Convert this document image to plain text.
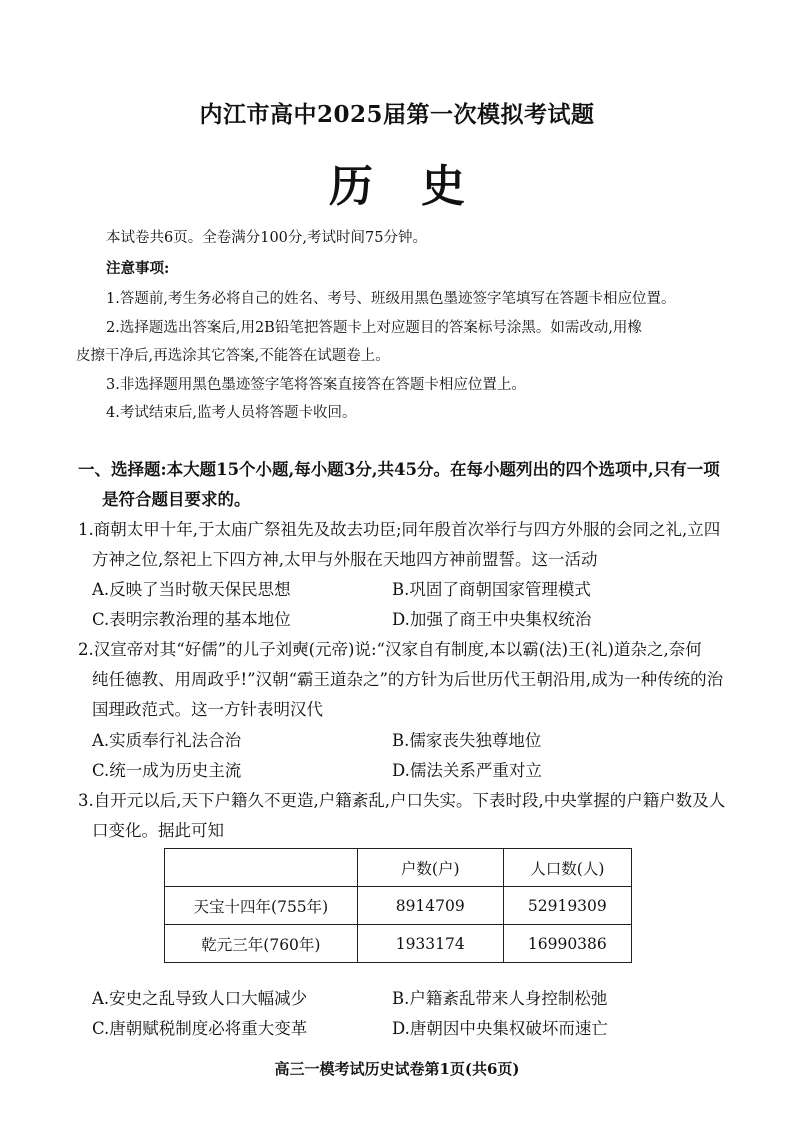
内江市高中2025届第一次模拟考试题
历史
本试卷共6页。全卷满分100分,考试时间75分钟。
注意事项:
1.答题前,考生务必将自己的姓名、考号、班级用黑色墨迹签字笔填写在答题卡相应位置。
2.选择题选出答案后,用2B铅笔把答题卡上对应题目的答案标号涂黑。如需改动,用橡
皮擦干净后,再选涂其它答案,不能答在试题卷上。
3.非选择题用黑色墨迹签字笔将答案直接答在答题卡相应位置上。
4.考试结束后,监考人员将答题卡收回。
一、选择题:本大题15个小题,每小题3分,共45分。在每小题列出的四个选项中,只有一项
是符合题目要求的。
1.商朝太甲十年,于太庙广祭祖先及故去功臣;同年殷首次举行与四方外服的会同之礼,立四
方神之位,祭祀上下四方神,太甲与外服在天地四方神前盟誓。这一活动
A.反映了当时敬天保民思想	B.巩固了商朝国家管理模式
C.表明宗教治理的基本地位	D.加强了商王中央集权统治
2.汉宣帝对其“好儒”的儿子刘奭(元帝)说:“汉家自有制度,本以霸(法)王(礼)道杂之,奈何
纯任德教、用周政乎!”汉朝“霸王道杂之”的方针为后世历代王朝沿用,成为一种传统的治
国理政范式。这一方针表明汉代
A.实质奉行礼法合治	B.儒家丧失独尊地位
C.统一成为历史主流	D.儒法关系严重对立
3.自开元以后,天下户籍久不更造,户籍紊乱,户口失实。下表时段,中央掌握的户籍户数及人
口变化。据此可知
	户数(户)	人口数(人)
天宝十四年(755年)	8914709	52919309
乾元三年(760年)	1933174	16990386
A.安史之乱导致人口大幅减少	B.户籍紊乱带来人身控制松弛
C.唐朝赋税制度必将重大变革	D.唐朝因中央集权破坏而速亡
高三一模考试历史试卷第1页(共6页)
